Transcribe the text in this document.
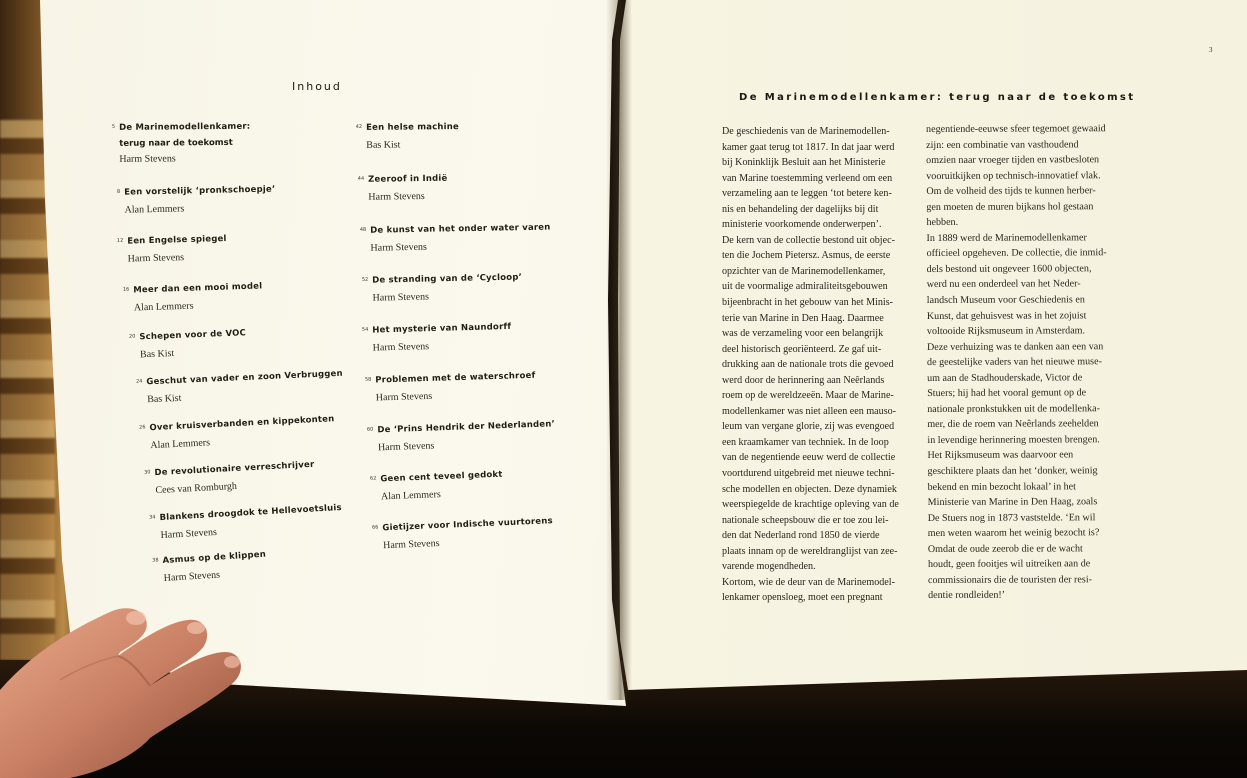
Inhoud
5 De Marinemodellenkamer:
terug naar de toekomst
Harm Stevens
8 Een vorstelijk ‘pronkschoepje’
Alan Lemmers
12 Een Engelse spiegel
Harm Stevens
16 Meer dan een mooi model
Alan Lemmers
20 Schepen voor de VOC
Bas Kist
24 Geschut van vader en zoon Verbruggen
Bas Kist
26 Over kruisverbanden en kippekonten
Alan Lemmers
30 De revolutionaire verreschrijver
Cees van Romburgh
34 Blankens droogdok te Hellevoetsluis
Harm Stevens
38 Asmus op de klippen
Harm Stevens
42 Een helse machine
Bas Kist
44 Zeeroof in Indië
Harm Stevens
48 De kunst van het onder water varen
Harm Stevens
52 De stranding van de ‘Cycloop’
Harm Stevens
54 Het mysterie van Naundorff
Harm Stevens
58 Problemen met de waterschroef
Harm Stevens
60 De ‘Prins Hendrik der Nederlanden’
Harm Stevens
62 Geen cent teveel gedokt
Alan Lemmers
66 Gietijzer voor Indische vuurtorens
Harm Stevens
3
De Marinemodellenkamer: terug naar de toekomst

De geschiedenis van de Marinemodellen-

kamer gaat terug tot 1817. In dat jaar werd

bij Koninklijk Besluit aan het Ministerie

van Marine toestemming verleend om een

verzameling aan te leggen ‘tot betere ken-

nis en behandeling der dagelijks bij dit

ministerie voorkomende onderwerpen’.

De kern van de collectie bestond uit objec-

ten die Jochem Pietersz. Asmus, de eerste

opzichter van de Marinemodellenkamer,

uit de voormalige admiraliteitsgebouwen

bijeenbracht in het gebouw van het Minis-

terie van Marine in Den Haag. Daarmee

was de verzameling voor een belangrijk

deel historisch georiënteerd. Ze gaf uit-

drukking aan de nationale trots die gevoed

werd door de herinnering aan Neêrlands

roem op de wereldzeeën. Maar de Marine-

modellenkamer was niet alleen een mauso-

leum van vergane glorie, zij was evengoed

een kraamkamer van techniek. In de loop

van de negentiende eeuw werd de collectie

voortdurend uitgebreid met nieuwe techni-

sche modellen en objecten. Deze dynamiek

weerspiegelde de krachtige opleving van de

nationale scheepsbouw die er toe zou lei-

den dat Nederland rond 1850 de vierde

plaats innam op de wereldranglijst van zee-

varende mogendheden.

Kortom, wie de deur van de Marinemodel-

lenkamer opensloeg, moet een pregnant

negentiende-eeuwse sfeer tegemoet gewaaid

zijn: een combinatie van vasthoudend

omzien naar vroeger tijden en vastbesloten

vooruitkijken op technisch-innovatief vlak.

Om de volheid des tijds te kunnen herber-

gen moeten de muren bijkans hol gestaan

hebben.

In 1889 werd de Marinemodellenkamer

officieel opgeheven. De collectie, die inmid-

dels bestond uit ongeveer 1600 objecten,

werd nu een onderdeel van het Neder-

landsch Museum voor Geschiedenis en

Kunst, dat gehuisvest was in het zojuist

voltooide Rijksmuseum in Amsterdam.

Deze verhuizing was te danken aan een van

de geestelijke vaders van het nieuwe muse-

um aan de Stadhouderskade, Victor de

Stuers; hij had het vooral gemunt op de

nationale pronkstukken uit de modellenka-

mer, die de roem van Neêrlands zeehelden

in levendige herinnering moesten brengen.

Het Rijksmuseum was daarvoor een

geschiktere plaats dan het ‘donker, weinig

bekend en min bezocht lokaal’ in het

Ministerie van Marine in Den Haag, zoals

De Stuers nog in 1873 vaststelde. ‘En wil

men weten waarom het weinig bezocht is?

Omdat de oude zeerob die er de wacht

houdt, geen fooitjes wil uitreiken aan de

commissionairs die de touristen der resi-

dentie rondleiden!’
